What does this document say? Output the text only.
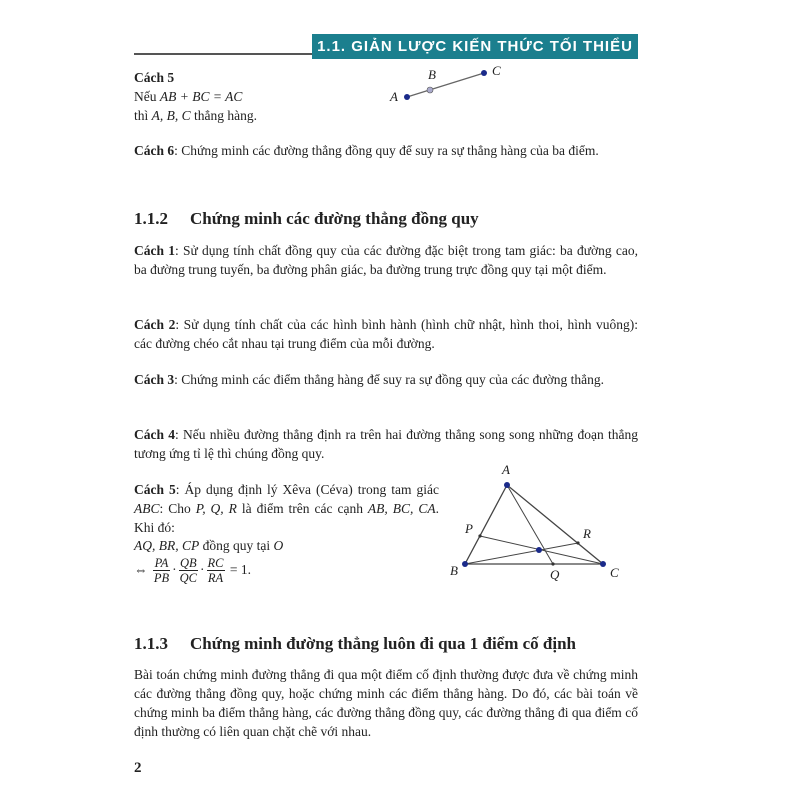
1.1. GIẢN LƯỢC KIẾN THỨC TỐI THIỂU
Cách 5
Nếu AB + BC = AC
thì A, B, C thẳng hàng.
A
B	C
Cách 6: Chứng minh các đường thẳng đồng quy để suy ra sự thẳng hàng của ba điểm.
1.1.2 Chứng minh các đường thẳng đồng quy
Cách 1: Sử dụng tính chất đồng quy của các đường đặc biệt trong tam giác: ba đường cao, ba đường trung tuyến, ba đường phân giác, ba đường trung trực đồng quy tại một điểm.
Cách 2: Sử dụng tính chất của các hình bình hành (hình chữ nhật, hình thoi, hình vuông): các đường chéo cắt nhau tại trung điểm của mỗi đường.
Cách 3: Chứng minh các điểm thẳng hàng để suy ra sự đồng quy của các đường thẳng.
Cách 4: Nếu nhiều đường thẳng định ra trên hai đường thẳng song song những đoạn thẳng tương ứng tỉ lệ thì chúng đồng quy.
Cách 5: Áp dụng định lý Xêva (Céva) trong tam giác ABC: Cho P, Q, R là điểm trên các cạnh AB, BC, CA. Khi đó:
AQ, BR, CP đồng quy tại O
⇔ $\frac{PA}{PB} \cdot \frac{QB}{QC} \cdot \frac{RC}{RA} = 1$.
A
P	R
B	Q	C
1.1.3 Chứng minh đường thẳng luôn đi qua 1 điểm cố định
Bài toán chứng minh đường thẳng đi qua một điểm cố định thường được đưa về chứng minh các đường thẳng đồng quy, hoặc chứng minh các điểm thẳng hàng. Do đó, các bài toán về chứng minh ba điểm thẳng hàng, các đường thẳng đồng quy, các đường thẳng đi qua điểm cố định thường có liên quan chặt chẽ với nhau.
2
